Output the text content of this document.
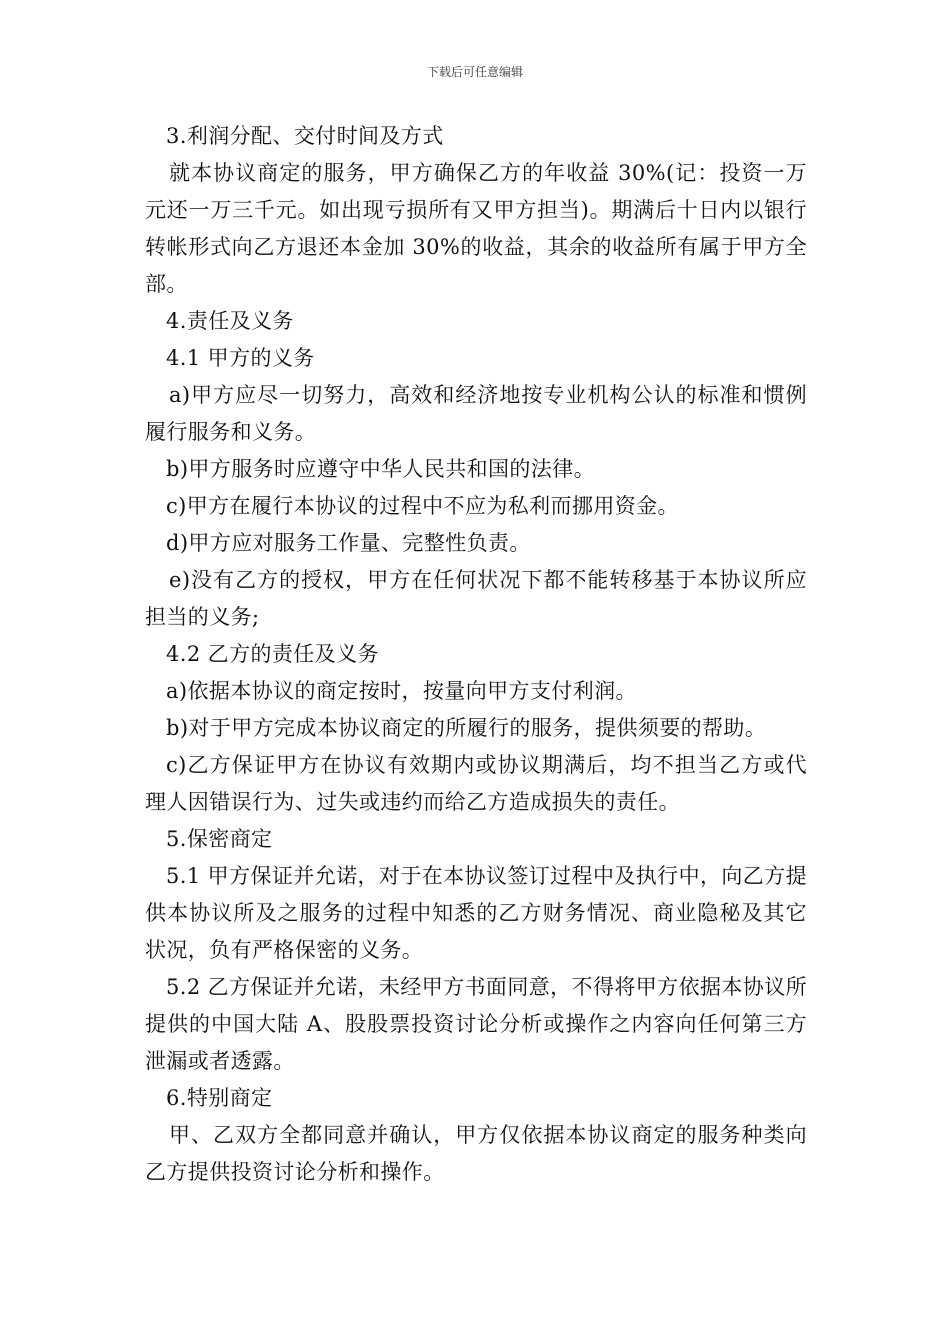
下载后可任意编辑

3.利润分配、交付时间及方式

就本协议商定的服务，甲方确保乙方的年收益 30%(记：投资一万元还一万三千元。如出现亏损所有又甲方担当)。期满后十日内以银行转帐形式向乙方退还本金加 30%的收益，其余的收益所有属于甲方全部。

4.责任及义务

4.1 甲方的义务

a)甲方应尽一切努力，高效和经济地按专业机构公认的标准和惯例履行服务和义务。

b)甲方服务时应遵守中华人民共和国的法律。

c)甲方在履行本协议的过程中不应为私利而挪用资金。

d)甲方应对服务工作量、完整性负责。

e)没有乙方的授权，甲方在任何状况下都不能转移基于本协议所应担当的义务;

4.2 乙方的责任及义务

a)依据本协议的商定按时，按量向甲方支付利润。

b)对于甲方完成本协议商定的所履行的服务，提供须要的帮助。

c)乙方保证甲方在协议有效期内或协议期满后，均不担当乙方或代理人因错误行为、过失或违约而给乙方造成损失的责任。

5.保密商定

5.1 甲方保证并允诺，对于在本协议签订过程中及执行中，向乙方提供本协议所及之服务的过程中知悉的乙方财务情况、商业隐秘及其它状况，负有严格保密的义务。

5.2 乙方保证并允诺，未经甲方书面同意，不得将甲方依据本协议所提供的中国大陆 A、股股票投资讨论分析或操作之内容向任何第三方泄漏或者透露。

6.特别商定

甲、乙双方全都同意并确认，甲方仅依据本协议商定的服务种类向乙方提供投资讨论分析和操作。
